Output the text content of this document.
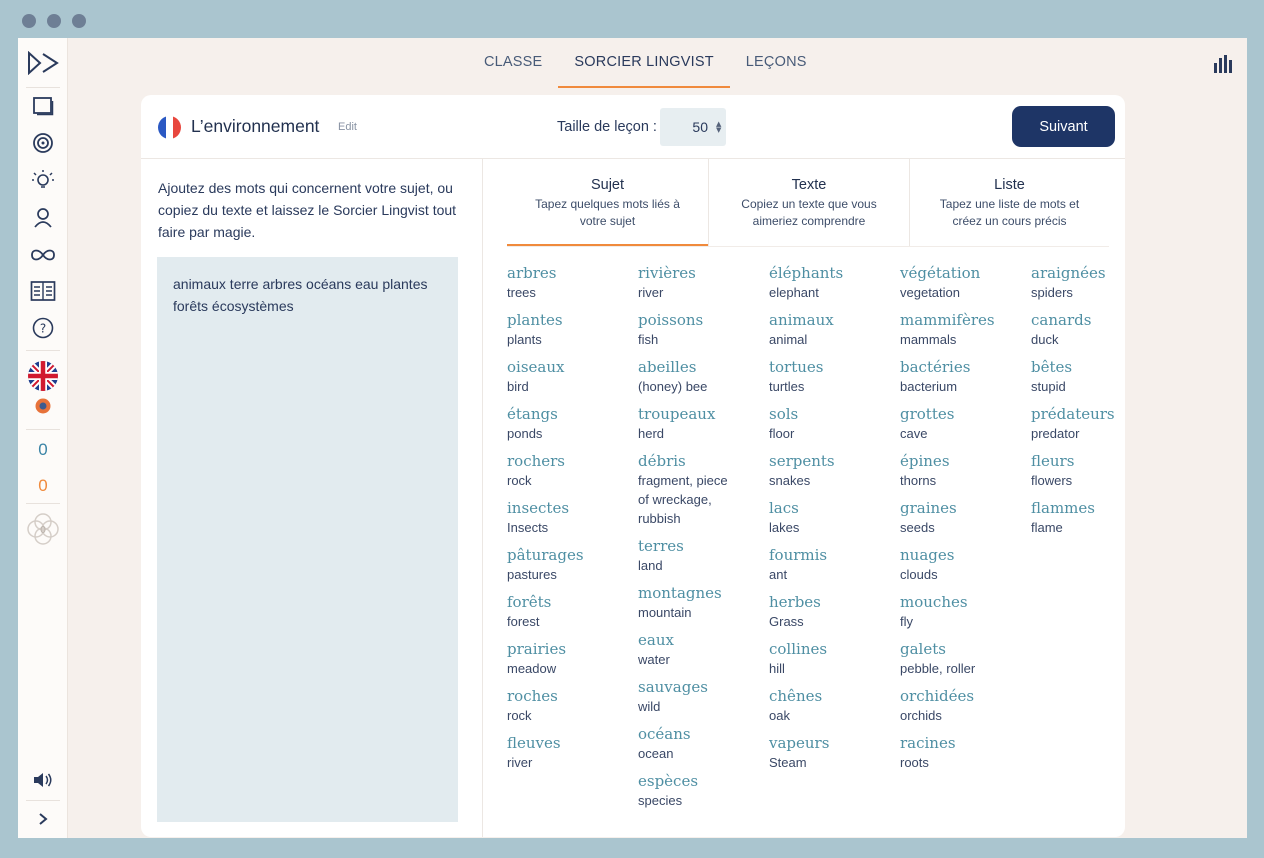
?
0
0
0
CLASSE	SORCIER LINGVIST	LEÇONS
L’environnement Edit	Taille de leçon :
50	▲
▼	Suivant
Ajoutez des mots qui concernent votre sujet, ou copiez du texte et laissez le Sorcier Lingvist tout faire par magie.
animaux terre arbres océans eau plantes forêts écosystèmes
Sujet
Tapez quelques mots liés à votre sujet
Texte
Copiez un texte que vous aimeriez comprendre
Liste
Tapez une liste de mots et créez un cours précis
arbres
trees
plantes
plants
oiseaux
bird
étangs
ponds
rochers
rock
insectes
Insects
pâturages
pastures
forêts
forest
prairies
meadow
roches
rock
fleuves
river
rivières
river
poissons
fish
abeilles
(honey) bee
troupeaux
herd
débris
fragment, piece of wreckage, rubbish
terres
land
montagnes
mountain
eaux
water
sauvages
wild
océans
ocean
espèces
species
éléphants
elephant
animaux
animal
tortues
turtles
sols
floor
serpents
snakes
lacs
lakes
fourmis
ant
herbes
Grass
collines
hill
chênes
oak
vapeurs
Steam
végétation
vegetation
mammifères
mammals
bactéries
bacterium
grottes
cave
épines
thorns
graines
seeds
nuages
clouds
mouches
fly
galets
pebble, roller
orchidées
orchids
racines
roots
araignées
spiders
canards
duck
bêtes
stupid
prédateurs
predator
fleurs
flowers
flammes
flame
